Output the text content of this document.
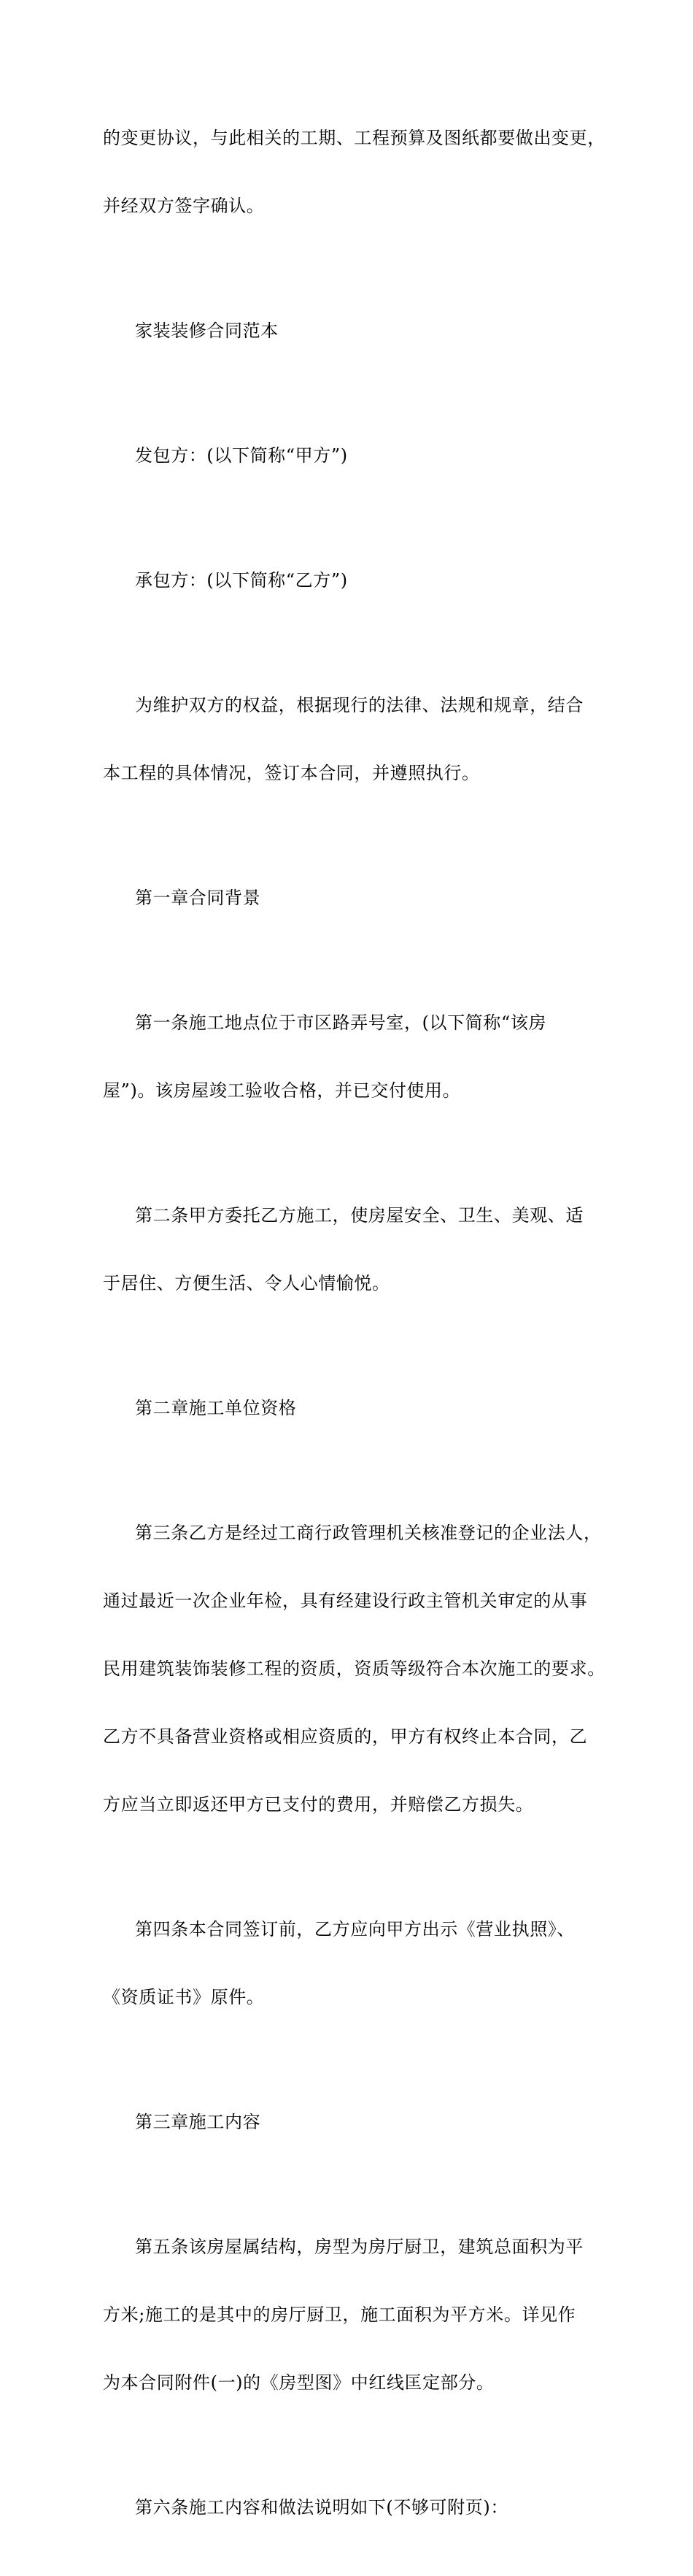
的变更协议，与此相关的工期、工程预算及图纸都要做出变更，

并经双方签字确认。

家装装修合同范本

发包方：(以下简称“甲方”)

承包方：(以下简称“乙方”)

为维护双方的权益，根据现行的法律、法规和规章，结合

本工程的具体情况，签订本合同，并遵照执行。

第一章合同背景

第一条施工地点位于市区路弄号室，(以下简称“该房

屋”)。该房屋竣工验收合格，并已交付使用。

第二条甲方委托乙方施工，使房屋安全、卫生、美观、适

于居住、方便生活、令人心情愉悦。

第二章施工单位资格

第三条乙方是经过工商行政管理机关核准登记的企业法人，

通过最近一次企业年检，具有经建设行政主管机关审定的从事

民用建筑装饰装修工程的资质，资质等级符合本次施工的要求。

乙方不具备营业资格或相应资质的，甲方有权终止本合同，乙

方应当立即返还甲方已支付的费用，并赔偿乙方损失。

第四条本合同签订前，乙方应向甲方出示《营业执照》、

《资质证书》原件。

第三章施工内容

第五条该房屋属结构，房型为房厅厨卫，建筑总面积为平

方米;施工的是其中的房厅厨卫，施工面积为平方米。详见作

为本合同附件(一)的《房型图》中红线匡定部分。

第六条施工内容和做法说明如下(不够可附页)：
